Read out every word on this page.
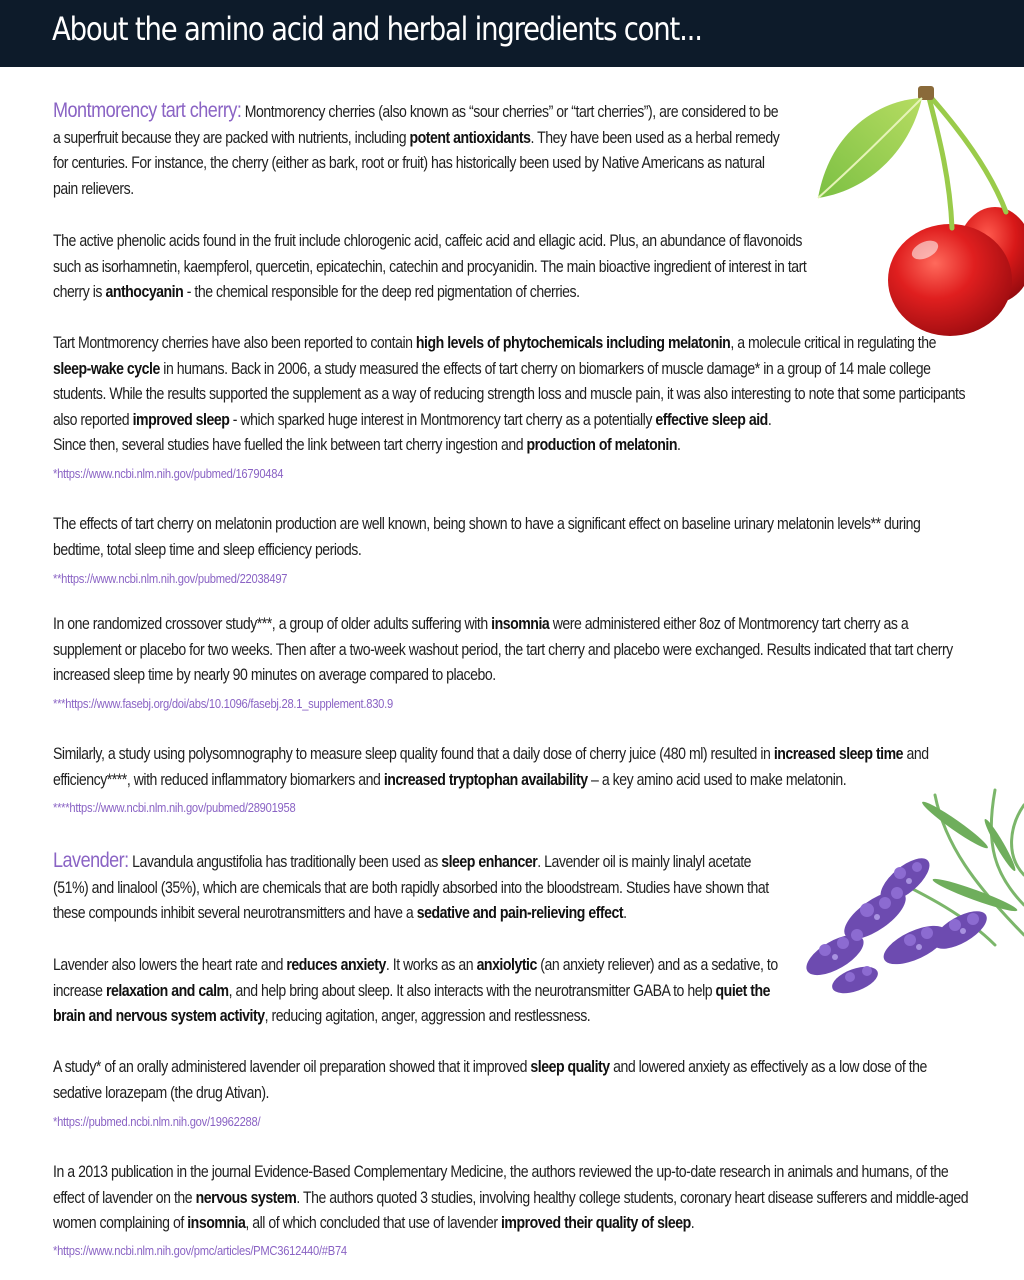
About the amino acid and herbal ingredients cont...

Montmorency tart cherry: Montmorency cherries (also known as “sour cherries” or “tart cherries”), are considered to be a superfruit because they are packed with nutrients, including potent antioxidants. They have been used as a herbal remedy for centuries. For instance, the cherry (either as bark, root or fruit) has historically been used by Native Americans as natural pain relievers.

The active phenolic acids found in the fruit include chlorogenic acid, caffeic acid and ellagic acid. Plus, an abundance of flavonoids such as isorhamnetin, kaempferol, quercetin, epicatechin, catechin and procyanidin. The main bioactive ingredient of interest in tart cherry is anthocyanin - the chemical responsible for the deep red pigmentation of cherries.

Tart Montmorency cherries have also been reported to contain high levels of phytochemicals including melatonin, a molecule critical in regulating the sleep-wake cycle in humans. Back in 2006, a study measured the effects of tart cherry on biomarkers of muscle damage* in a group of 14 male college students. While the results supported the supplement as a way of reducing strength loss and muscle pain, it was also interesting to note that some participants also reported improved sleep - which sparked huge interest in Montmorency tart cherry as a potentially effective sleep aid.
Since then, several studies have fuelled the link between tart cherry ingestion and production of melatonin.

*https://www.ncbi.nlm.nih.gov/pubmed/16790484

The effects of tart cherry on melatonin production are well known, being shown to have a significant effect on baseline urinary melatonin levels** during bedtime, total sleep time and sleep efficiency periods.

**https://www.ncbi.nlm.nih.gov/pubmed/22038497

In one randomized crossover study***, a group of older adults suffering with insomnia were administered either 8oz of Montmorency tart cherry as a supplement or placebo for two weeks. Then after a two-week washout period, the tart cherry and placebo were exchanged. Results indicated that tart cherry increased sleep time by nearly 90 minutes on average compared to placebo.

***https://www.fasebj.org/doi/abs/10.1096/fasebj.28.1_supplement.830.9

Similarly, a study using polysomnography to measure sleep quality found that a daily dose of cherry juice (480 ml) resulted in increased sleep time and efficiency****, with reduced inflammatory biomarkers and increased tryptophan availability – a key amino acid used to make melatonin.

****https://www.ncbi.nlm.nih.gov/pubmed/28901958

Lavender: Lavandula angustifolia has traditionally been used as sleep enhancer. Lavender oil is mainly linalyl acetate (51%) and linalool (35%), which are chemicals that are both rapidly absorbed into the bloodstream. Studies have shown that these compounds inhibit several neurotransmitters and have a sedative and pain-relieving effect.

Lavender also lowers the heart rate and reduces anxiety. It works as an anxiolytic (an anxiety reliever) and as a sedative, to increase relaxation and calm, and help bring about sleep. It also interacts with the neurotransmitter GABA to help quiet the brain and nervous system activity, reducing agitation, anger, aggression and restlessness.

A study* of an orally administered lavender oil preparation showed that it improved sleep quality and lowered anxiety as effectively as a low dose of the sedative lorazepam (the drug Ativan).

*https://pubmed.ncbi.nlm.nih.gov/19962288/

In a 2013 publication in the journal Evidence-Based Complementary Medicine, the authors reviewed the up-to-date research in animals and humans, of the effect of lavender on the nervous system. The authors quoted 3 studies, involving healthy college students, coronary heart disease sufferers and middle-aged women complaining of insomnia, all of which concluded that use of lavender improved their quality of sleep.

*https://www.ncbi.nlm.nih.gov/pmc/articles/PMC3612440/#B74
